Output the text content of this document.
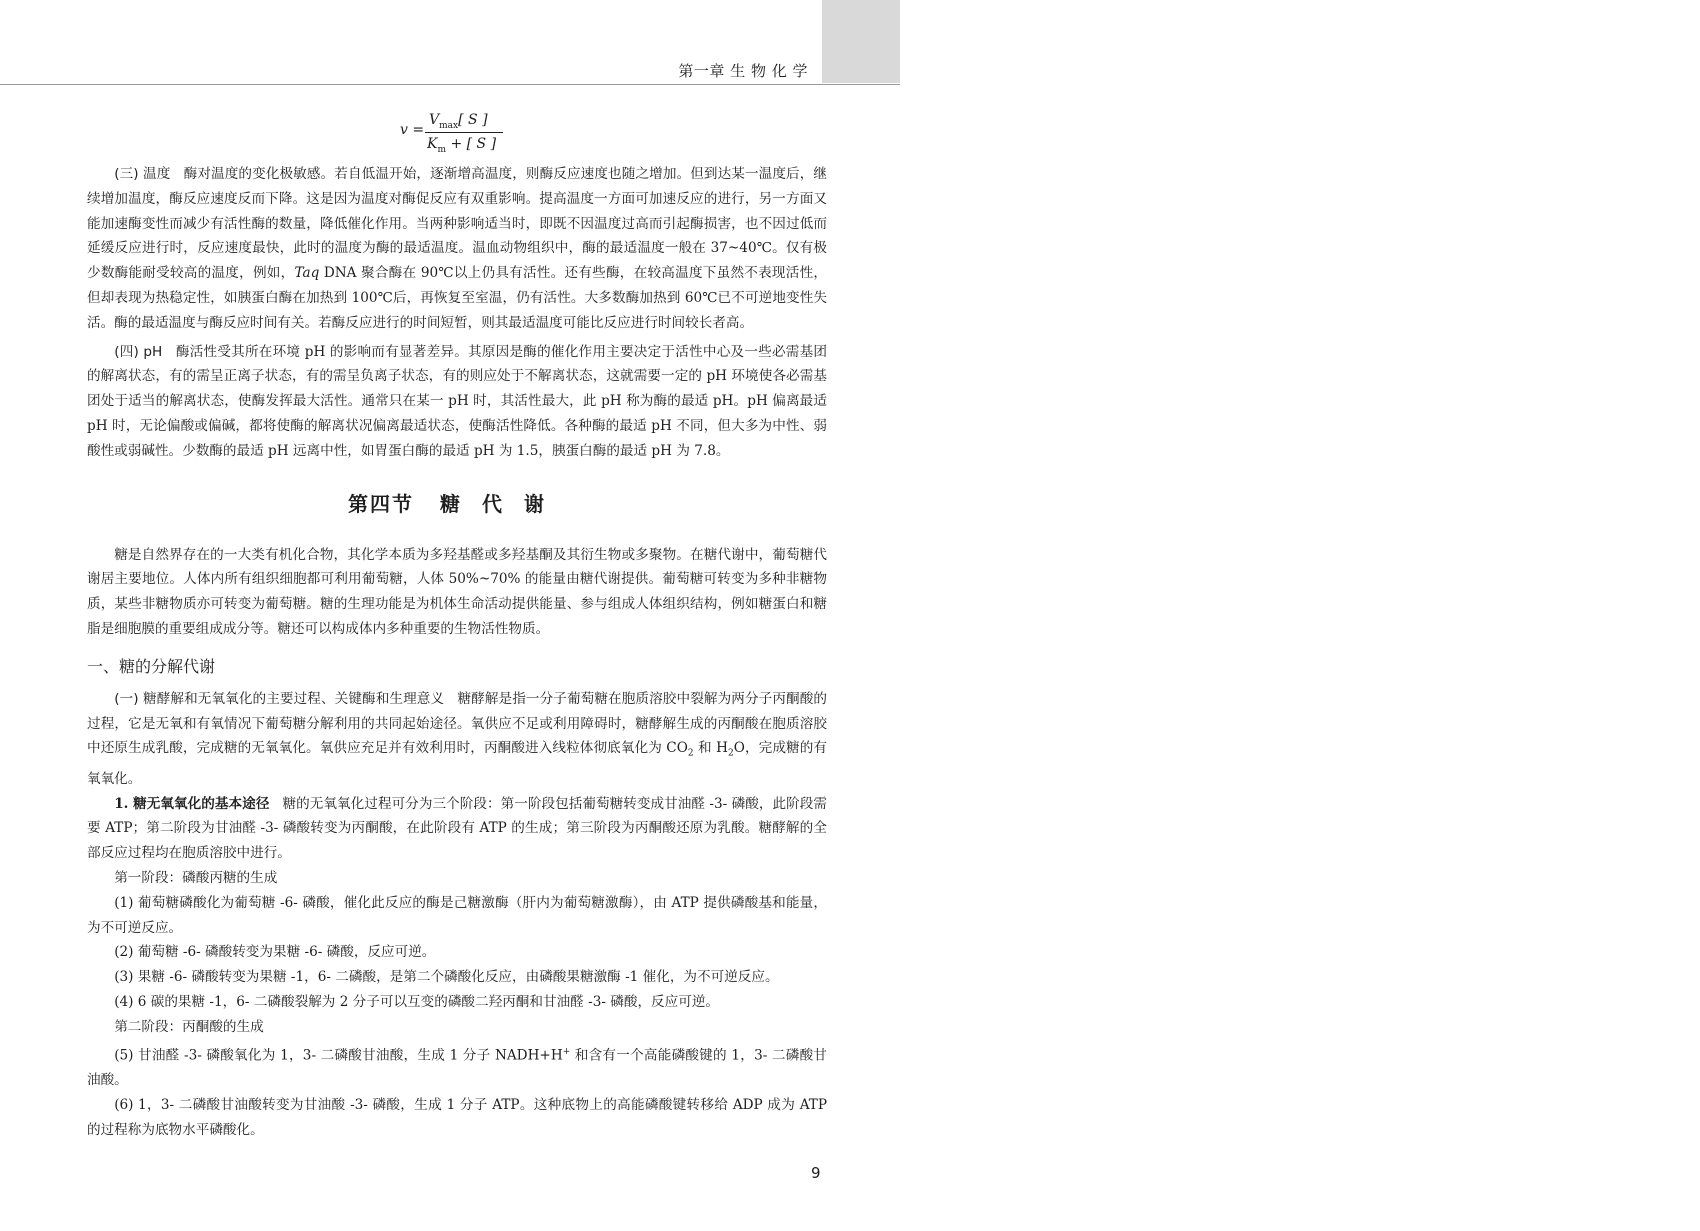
2026
第一章 生 物 化 学
v =
$V_{max}$[ S ]
$K_m$ + [ S ]

(三) 温度 酶对温度的变化极敏感。若自低温开始，逐渐增高温度，则酶反应速度也随之增加。但到达某一温度后，继续增加温度，酶反应速度反而下降。这是因为温度对酶促反应有双重影响。提高温度一方面可加速反应的进行，另一方面又能加速酶变性而减少有活性酶的数量，降低催化作用。当两种影响适当时，即既不因温度过高而引起酶损害，也不因过低而延缓反应进行时，反应速度最快，此时的温度为酶的最适温度。温血动物组织中，酶的最适温度一般在 37~40℃。仅有极少数酶能耐受较高的温度，例如，Taq DNA 聚合酶在 90℃以上仍具有活性。还有些酶，在较高温度下虽然不表现活性，但却表现为热稳定性，如胰蛋白酶在加热到 100℃后，再恢复至室温，仍有活性。大多数酶加热到 60℃已不可逆地变性失活。酶的最适温度与酶反应时间有关。若酶反应进行的时间短暂，则其最适温度可能比反应进行时间较长者高。

(四) pH 酶活性受其所在环境 pH 的影响而有显著差异。其原因是酶的催化作用主要决定于活性中心及一些必需基团的解离状态，有的需呈正离子状态，有的需呈负离子状态，有的则应处于不解离状态，这就需要一定的 pH 环境使各必需基团处于适当的解离状态，使酶发挥最大活性。通常只在某一 pH 时，其活性最大，此 pH 称为酶的最适 pH。pH 偏离最适 pH 时，无论偏酸或偏碱，都将使酶的解离状况偏离最适状态，使酶活性降低。各种酶的最适 pH 不同，但大多为中性、弱酸性或弱碱性。少数酶的最适 pH 远离中性，如胃蛋白酶的最适 pH 为 1.5，胰蛋白酶的最适 pH 为 7.8。

第四节 糖代谢

糖是自然界存在的一大类有机化合物，其化学本质为多羟基醛或多羟基酮及其衍生物或多聚物。在糖代谢中，葡萄糖代谢居主要地位。人体内所有组织细胞都可利用葡萄糖，人体 50%~70% 的能量由糖代谢提供。葡萄糖可转变为多种非糖物质，某些非糖物质亦可转变为葡萄糖。糖的生理功能是为机体生命活动提供能量、参与组成人体组织结构，例如糖蛋白和糖脂是细胞膜的重要组成成分等。糖还可以构成体内多种重要的生物活性物质。

一、糖的分解代谢

(一) 糖酵解和无氧氧化的主要过程、关键酶和生理意义 糖酵解是指一分子葡萄糖在胞质溶胶中裂解为两分子丙酮酸的过程，它是无氧和有氧情况下葡萄糖分解利用的共同起始途径。氧供应不足或利用障碍时，糖酵解生成的丙酮酸在胞质溶胶中还原生成乳酸，完成糖的无氧氧化。氧供应充足并有效利用时，丙酮酸进入线粒体彻底氧化为 $CO_2$ 和 $H_2O$，完成糖的有氧氧化。

1. 糖无氧氧化的基本途径 糖的无氧氧化过程可分为三个阶段：第一阶段包括葡萄糖转变成甘油醛 -3- 磷酸，此阶段需要 ATP；第二阶段为甘油醛 -3- 磷酸转变为丙酮酸，在此阶段有 ATP 的生成；第三阶段为丙酮酸还原为乳酸。糖酵解的全部反应过程均在胞质溶胶中进行。

第一阶段：磷酸丙糖的生成

(1) 葡萄糖磷酸化为葡萄糖 -6- 磷酸，催化此反应的酶是己糖激酶（肝内为葡萄糖激酶），由 ATP 提供磷酸基和能量，为不可逆反应。

(2) 葡萄糖 -6- 磷酸转变为果糖 -6- 磷酸，反应可逆。

(3) 果糖 -6- 磷酸转变为果糖 -1，6- 二磷酸，是第二个磷酸化反应，由磷酸果糖激酶 -1 催化，为不可逆反应。

(4) 6 碳的果糖 -1，6- 二磷酸裂解为 2 分子可以互变的磷酸二羟丙酮和甘油醛 -3- 磷酸，反应可逆。

第二阶段：丙酮酸的生成

(5) 甘油醛 -3- 磷酸氧化为 1，3- 二磷酸甘油酸，生成 1 分子 NADH+H+ 和含有一个高能磷酸键的 1，3- 二磷酸甘油酸。

(6) 1，3- 二磷酸甘油酸转变为甘油酸 -3- 磷酸，生成 1 分子 ATP。这种底物上的高能磷酸键转移给 ADP 成为 ATP 的过程称为底物水平磷酸化。

9
